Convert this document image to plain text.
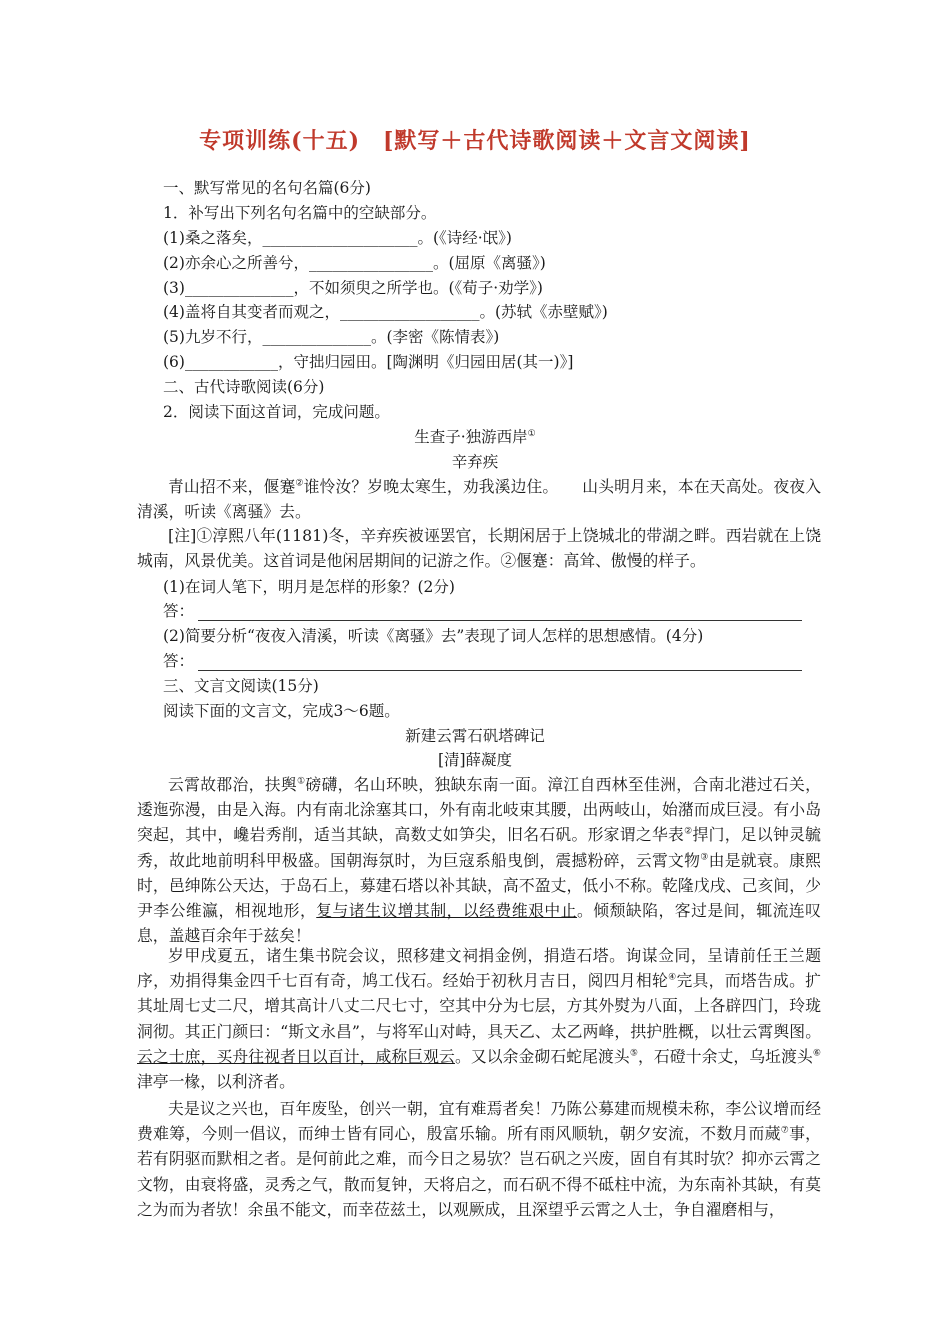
专项训练(十五)　[默写＋古代诗歌阅读＋文言文阅读]
一、默写常见的名句名篇(6分)
1．补写出下列名句名篇中的空缺部分。
(1)桑之落矣，____________________。(《诗经·氓》)
(2)亦余心之所善兮，________________。(屈原《离骚》)
(3)______________，不如须臾之所学也。(《荀子·劝学》)
(4)盖将自其变者而观之，__________________。(苏轼《赤壁赋》)
(5)九岁不行，______________。(李密《陈情表》)
(6)____________，守拙归园田。[陶渊明《归园田居(其一)》]
二、古代诗歌阅读(6分)
2．阅读下面这首词，完成问题。
生查子·独游西岸①
辛弃疾
青山招不来，偃蹇②谁怜汝？岁晚太寒生，劝我溪边住。　　山头明月来，本在天高处。夜夜入清溪，听读《离骚》去。
[注]①淳熙八年(1181)冬，辛弃疾被诬罢官，长期闲居于上饶城北的带湖之畔。西岩就在上饶城南，风景优美。这首词是他闲居期间的记游之作。②偃蹇：高耸、傲慢的样子。
(1)在词人笔下，明月是怎样的形象？(2分)
答：
(2)简要分析“夜夜入清溪，听读《离骚》去”表现了词人怎样的思想感情。(4分)
答：
三、文言文阅读(15分)
阅读下面的文言文，完成3～6题。
新建云霄石矾塔碑记
[清]薛凝度
云霄故郡治，扶舆①磅礴，名山环映，独缺东南一面。漳江自西林至佳洲，合南北港过石关，逶迤弥漫，由是入海。内有南北涂塞其口，外有南北岐束其腰，出两岐山，始潴而成巨浸。有小岛突起，其中，巉岩秀削，适当其缺，高数丈如笋尖，旧名石矾。形家谓之华表②捍门，足以钟灵毓秀，故此地前明科甲极盛。国朝海氛时，为巨寇系船曳倒，震撼粉碎，云霄文物③由是就衰。康熙时，邑绅陈公天达，于岛石上，募建石塔以补其缺，高不盈丈，低小不称。乾隆戊戌、己亥间，少尹李公维瀛，相视地形，复与诸生议增其制，以经费维艰中止。倾颓缺陷，客过是间，辄流连叹息，盖越百余年于兹矣！
岁甲戌夏五，诸生集书院会议，照移建文祠捐金例，捐造石塔。询谋佥同，呈请前任王兰题序，劝捐得集金四千七百有奇，鸠工伐石。经始于初秋月吉日，阅四月相轮④完具，而塔告成。扩其址周七丈二尺，增其高计八丈二尺七寸，空其中分为七层，方其外熨为八面，上各辟四门，玲珑洞彻。其正门颜曰：“斯文永昌”，与将军山对峙，具天乙、太乙两峰，拱护胜概，以壮云霄舆图。云之士庶，买舟往视者日以百计，咸称巨观云。又以余金砌石蛇尾渡头⑤，石磴十余丈，乌坵渡头⑥津亭一椽，以利济者。
夫是议之兴也，百年废坠，创兴一朝，宜有难焉者矣！乃陈公募建而规模未称，李公议增而经费难筹，今则一倡议，而绅士皆有同心，殷富乐输。所有雨风顺轨，朝夕安流，不数月而蒇⑦事，若有阴驱而默相之者。是何前此之难，而今日之易欤？岂石矾之兴废，固自有其时欤？抑亦云霄之文物，由衰将盛，灵秀之气，散而复钟，天将启之，而石矾不得不砥柱中流，为东南补其缺，有莫之为而为者欤！余虽不能文，而幸莅兹土，以观厥成，且深望乎云霄之人士，争自濯磨相与，
